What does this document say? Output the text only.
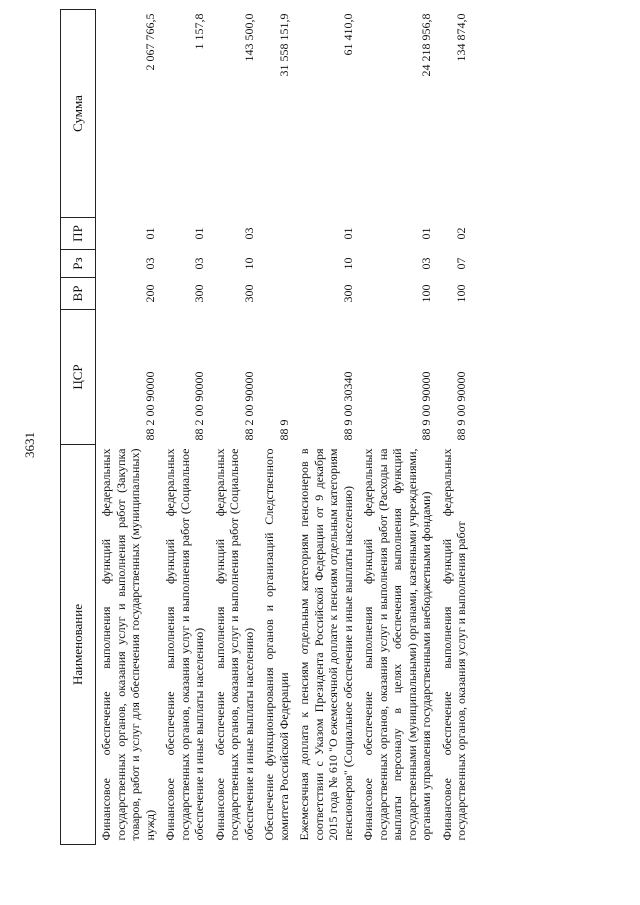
3631
Наименование	ЦСР	ВР	Рз	ПР	Сумма
Финансовое обеспечение выполнения функций федеральных государственных органов, оказания услуг и выполнения работ (Закупка товаров, работ и услуг для обеспечения государственных (муниципальных) нужд)	88 2 00 90000	200	03	01	2 067 766,5
Финансовое обеспечение выполнения функций федеральных государственных органов, оказания услуг и выполнения работ (Социальное обеспечение и иные выплаты населению)	88 2 00 90000	300	03	01	1 157,8
Финансовое обеспечение выполнения функций федеральных государственных органов, оказания услуг и выполнения работ (Социальное обеспечение и иные выплаты населению)	88 2 00 90000	300	10	03	143 500,0
Обеспечение функционирования органов и организаций Следственного комитета Российской Федерации	88 9				31 558 151,9
Ежемесячная доплата к пенсиям отдельным категориям пенсионеров в соответствии с Указом Президента Российской Федерации от 9 декабря 2015 года № 610 "О ежемесячной доплате к пенсиям отдельным категориям пенсионеров" (Социальное обеспечение и иные выплаты населению)	88 9 00 30340	300	10	01	61 410,0
Финансовое обеспечение выполнения функций федеральных государственных органов, оказания услуг и выполнения работ (Расходы на выплаты персоналу в целях обеспечения выполнения функций государственными (муниципальными) органами, казенными учреждениями, органами управления государственными внебюджетными фондами)	88 9 00 90000	100	03	01	24 218 956,8
Финансовое обеспечение выполнения функций федеральных государственных органов, оказания услуг и выполнения работ	88 9 00 90000	100	07	02	134 874,0
